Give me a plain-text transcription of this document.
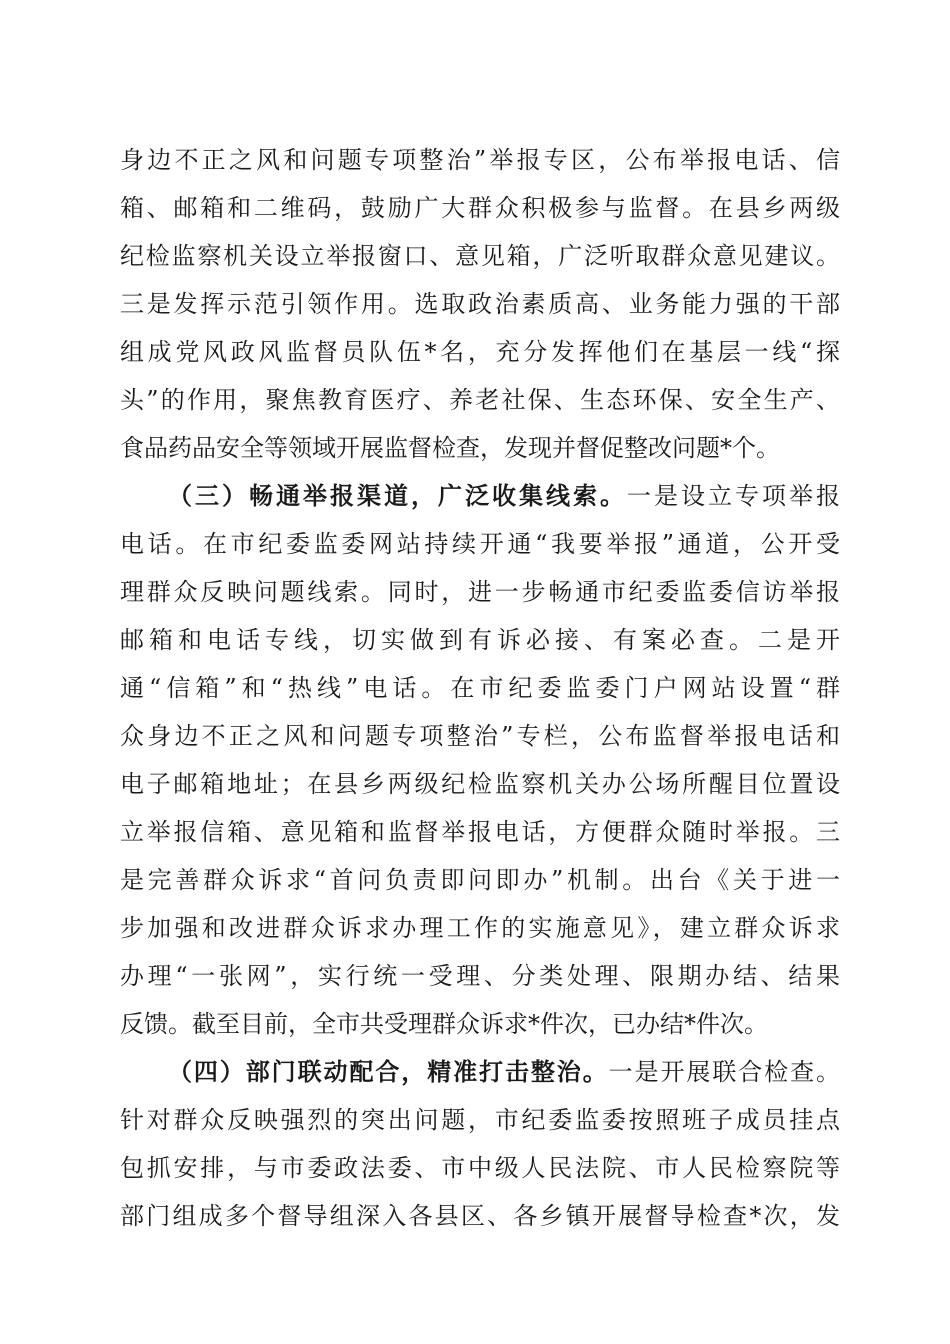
身边不正之风和问题专项整治”举报专区，公布举报电话、信
箱、邮箱和二维码，鼓励广大群众积极参与监督。在县乡两级
纪检监察机关设立举报窗口、意见箱，广泛听取群众意见建议。
三是发挥示范引领作用。选取政治素质高、业务能力强的干部
组成党风政风监督员队伍*名，充分发挥他们在基层一线“探
头”的作用，聚焦教育医疗、养老社保、生态环保、安全生产、
食品药品安全等领域开展监督检查，发现并督促整改问题*个。
（三）畅通举报渠道，广泛收集线索。一是设立专项举报
电话。在市纪委监委网站持续开通“我要举报”通道，公开受
理群众反映问题线索。同时，进一步畅通市纪委监委信访举报
邮箱和电话专线，切实做到有诉必接、有案必查。二是开
通“信箱”和“热线”电话。在市纪委监委门户网站设置“群
众身边不正之风和问题专项整治”专栏，公布监督举报电话和
电子邮箱地址；在县乡两级纪检监察机关办公场所醒目位置设
立举报信箱、意见箱和监督举报电话，方便群众随时举报。三
是完善群众诉求“首问负责即问即办”机制。出台《关于进一
步加强和改进群众诉求办理工作的实施意见》，建立群众诉求
办理“一张网”，实行统一受理、分类处理、限期办结、结果
反馈。截至目前，全市共受理群众诉求*件次，已办结*件次。
（四）部门联动配合，精准打击整治。一是开展联合检查。
针对群众反映强烈的突出问题，市纪委监委按照班子成员挂点
包抓安排，与市委政法委、市中级人民法院、市人民检察院等
部门组成多个督导组深入各县区、各乡镇开展督导检查*次，发
